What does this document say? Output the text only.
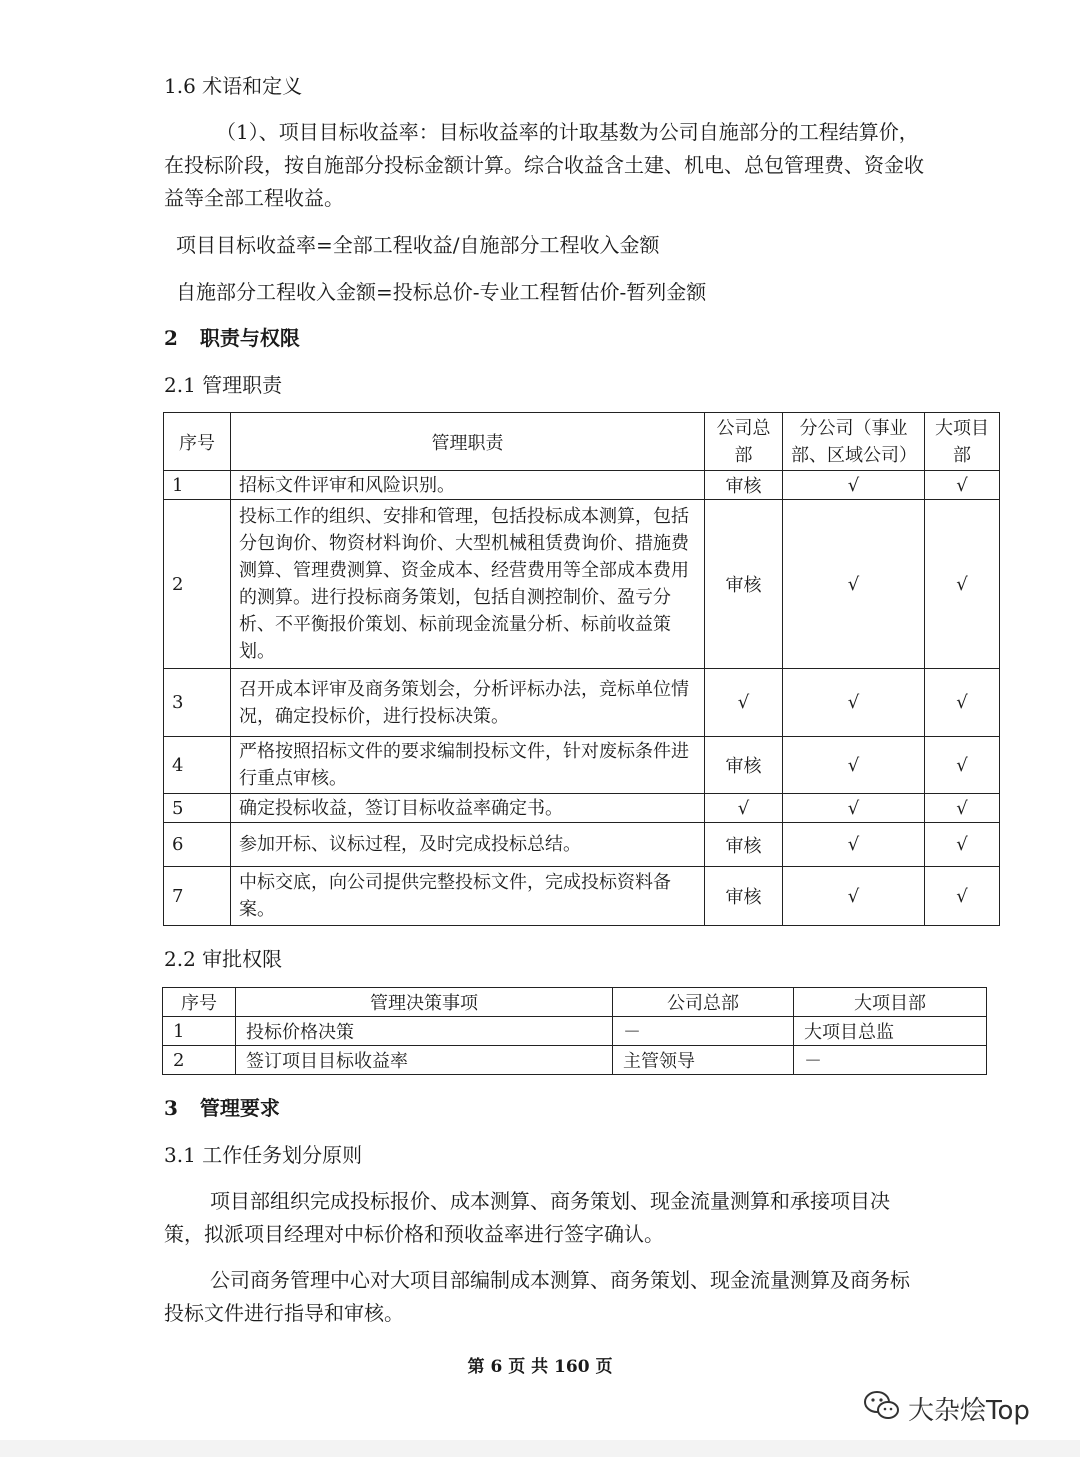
1.6 术语和定义
（1）、项目目标收益率：目标收益率的计取基数为公司自施部分的工程结算价，在投标阶段，按自施部分投标金额计算。综合收益含土建、机电、总包管理费、资金收益等全部工程收益。
项目目标收益率=全部工程收益/自施部分工程收入金额
自施部分工程收入金额=投标总价-专业工程暂估价-暂列金额
2 职责与权限
2.1 管理职责
序号	管理职责	公司总部	分公司（事业部、区域公司）	大项目部
1	招标文件评审和风险识别。	审核	√	√
2	投标工作的组织、安排和管理，包括投标成本测算，包括分包询价、物资材料询价、大型机械租赁费询价、措施费测算、管理费测算、资金成本、经营费用等全部成本费用的测算。进行投标商务策划，包括自测控制价、盈亏分析、不平衡报价策划、标前现金流量分析、标前收益策划。	审核	√	√
3	召开成本评审及商务策划会，分析评标办法，竞标单位情况，确定投标价，进行投标决策。	√	√	√
4	严格按照招标文件的要求编制投标文件，针对废标条件进行重点审核。	审核	√	√
5	确定投标收益，签订目标收益率确定书。	√	√	√
6	参加开标、议标过程，及时完成投标总结。	审核	√	√
7	中标交底，向公司提供完整投标文件，完成投标资料备案。	审核	√	√
2.2 审批权限
序号	管理决策事项	公司总部	大项目部
1	投标价格决策	－	大项目总监
2	签订项目目标收益率	主管领导	－
3 管理要求
3.1 工作任务划分原则
项目部组织完成投标报价、成本测算、商务策划、现金流量测算和承接项目决策，拟派项目经理对中标价格和预收益率进行签字确认。
公司商务管理中心对大项目部编制成本测算、商务策划、现金流量测算及商务标投标文件进行指导和审核。
第 6 页 共 160 页
大杂烩Top
